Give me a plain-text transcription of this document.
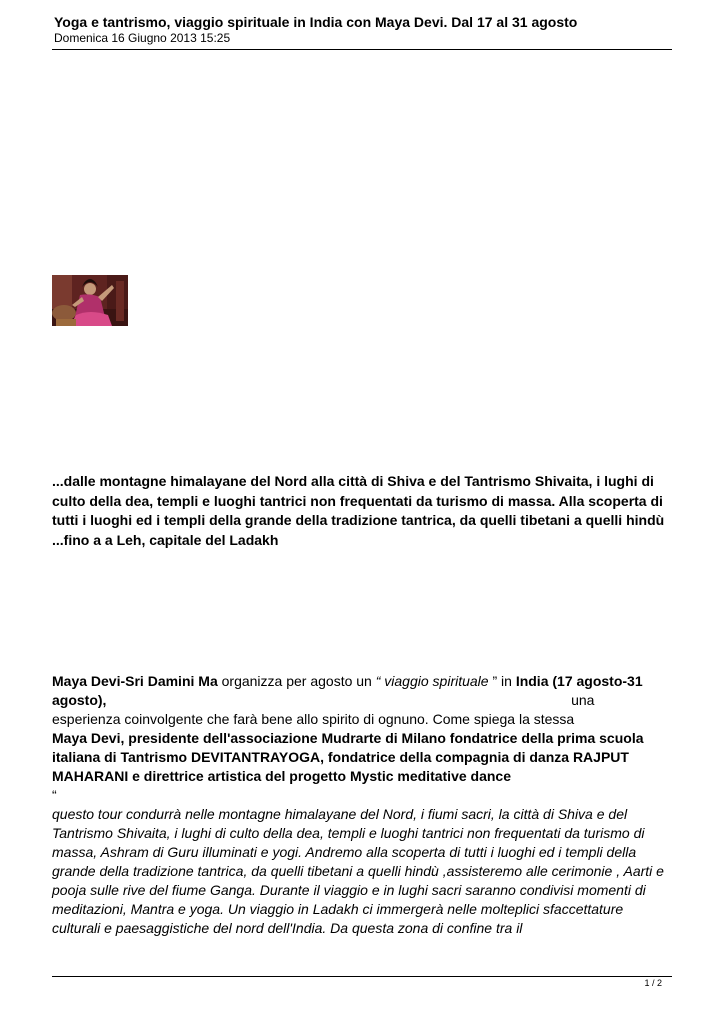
Yoga e tantrismo, viaggio spirituale in India con Maya Devi. Dal 17 al 31 agosto
Domenica 16 Giugno 2013 15:25
...dalle montagne himalayane del Nord alla città di Shiva e del Tantrismo Shivaita, i lughi di culto della dea, templi e luoghi tantrici non frequentati da turismo di massa. Alla scoperta di tutti i luoghi ed i templi della grande della tradizione tantrica, da quelli tibetani a quelli hindù ...fino a a Leh, capitale del Ladakh
Maya Devi-Sri Damini Ma organizza per agosto un “ viaggio spirituale ” in India (17 agosto-31 agosto),	una
esperienza coinvolgente che farà bene allo spirito di ognuno. Come spiega la stessa
Maya Devi, presidente dell'associazione Mudrarte di Milano fondatrice della prima scuola italiana di Tantrismo DEVITANTRAYOGA, fondatrice della compagnia di danza RAJPUT MAHARANI e direttrice artistica del progetto Mystic meditative dance
“
questo tour condurrà nelle montagne himalayane del Nord, i fiumi sacri, la città di Shiva e del Tantrismo Shivaita, i lughi di culto della dea, templi e luoghi tantrici non frequentati da turismo di massa, Ashram di Guru illuminati e yogi. Andremo alla scoperta di tutti i luoghi ed i templi della grande della tradizione tantrica, da quelli tibetani a quelli hindù ,assisteremo alle cerimonie , Aarti e pooja sulle rive del fiume Ganga. Durante il viaggio e in lughi sacri saranno condivisi momenti di meditazioni, Mantra e yoga. Un viaggio in Ladakh ci immergerà nelle molteplici sfaccettature culturali e paesaggistiche del nord dell'India. Da questa zona di confine tra il
1 / 2
